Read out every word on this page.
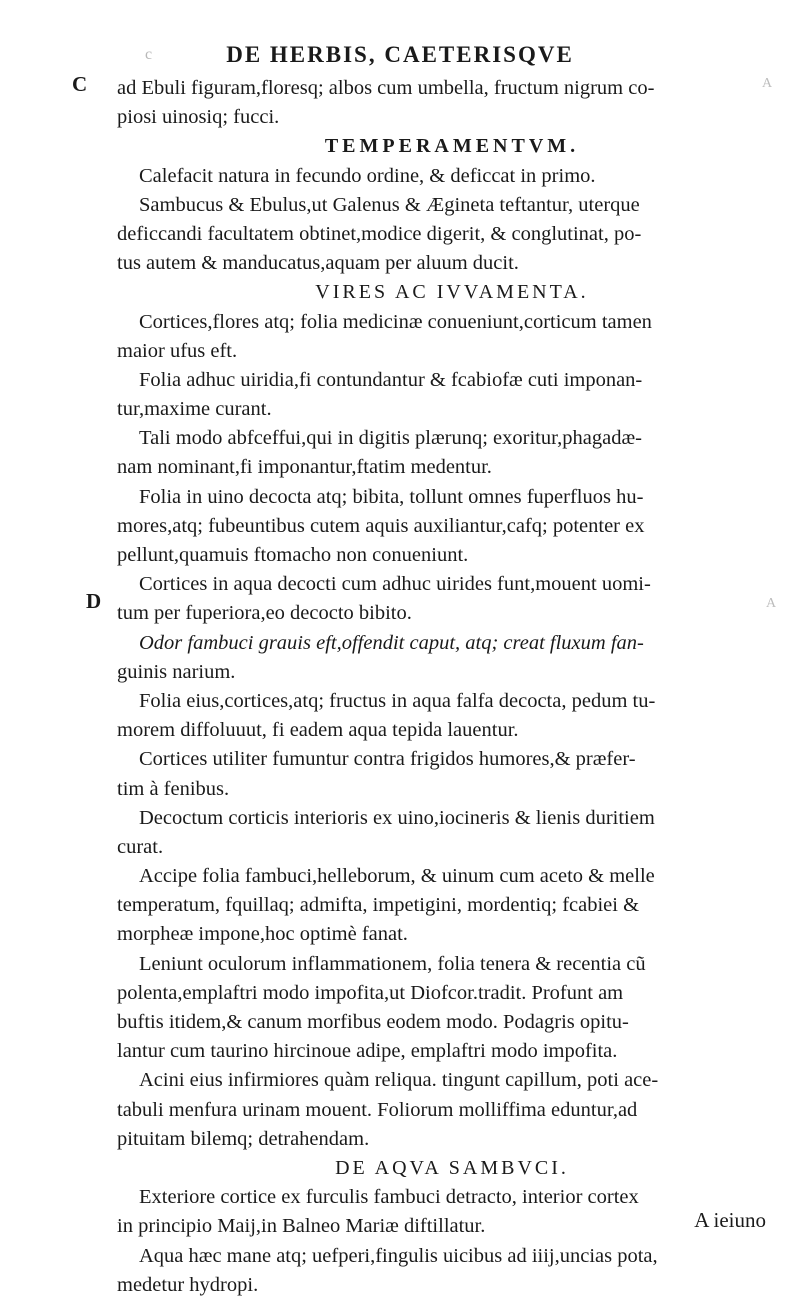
c	DE HERBIS, CAETERISQVE
C
D
A
A
ad Ebuli figuram,floresq; albos cum umbella, fructum nigrum co-
piosi uinosiq; fucci.
TEMPERAMENTVM.
Calefacit natura in fecundo ordine, & deficcat in primo.
Sambucus & Ebulus,ut Galenus & Ægineta teftantur, uterque
deficcandi facultatem obtinet,modice digerit, & conglutinat, po-
tus autem & manducatus,aquam per aluum ducit.
VIRES AC IVVAMENTA.
Cortices,flores atq; folia medicinæ conueniunt,corticum tamen
maior ufus eft.
Folia adhuc uiridia,fi contundantur & fcabiofæ cuti imponan-
tur,maxime curant.
Tali modo abfceffui,qui in digitis plærunq; exoritur,phagadæ-
nam nominant,fi imponantur,ftatim medentur.
Folia in uino decocta atq; bibita, tollunt omnes fuperfluos hu-
mores,atq; fubeuntibus cutem aquis auxiliantur,cafq; potenter ex
pellunt,quamuis ftomacho non conueniunt.
Cortices in aqua decocti cum adhuc uirides funt,mouent uomi-
tum per fuperiora,eo decocto bibito.
Odor fambuci grauis eft,offendit caput, atq; creat fluxum fan-
guinis narium.
Folia eius,cortices,atq; fructus in aqua falfa decocta, pedum tu-
morem diffoluuut, fi eadem aqua tepida lauentur.
Cortices utiliter fumuntur contra frigidos humores,& præfer-
tim à fenibus.
Decoctum corticis interioris ex uino,iocineris & lienis duritiem
curat.
Accipe folia fambuci,helleborum, & uinum cum aceto & melle
temperatum, fquillaq; admifta, impetigini, mordentiq; fcabiei &
morpheæ impone,hoc optimè fanat.
Leniunt oculorum inflammationem, folia tenera & recentia cũ
polenta,emplaftri modo impofita,ut Diofcor.tradit. Profunt am
buftis itidem,& canum morfibus eodem modo. Podagris opitu-
lantur cum taurino hircinoue adipe, emplaftri modo impofita.
Acini eius infirmiores quàm reliqua. tingunt capillum, poti ace-
tabuli menfura urinam mouent. Foliorum molliffima eduntur,ad
pituitam bilemq; detrahendam.
DE AQVA SAMBVCI.
Exteriore cortice ex furculis fambuci detracto, interior cortex
in principio Maij,in Balneo Mariæ diftillatur.
Aqua hæc mane atq; uefperi,fingulis uicibus ad iiij,uncias pota,
medetur hydropi.
A ieiuno
